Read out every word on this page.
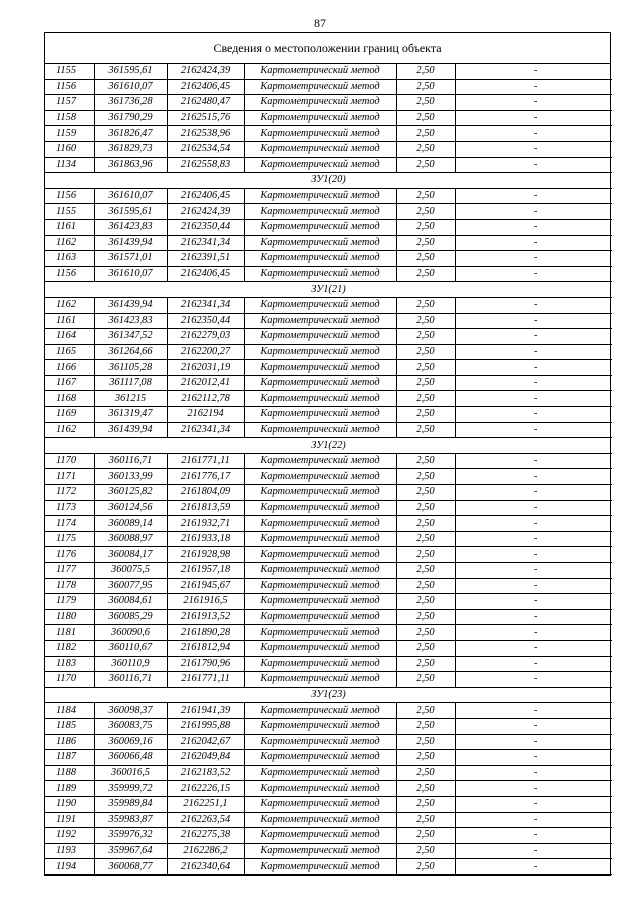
87
Сведения о местоположении границ объекта
1155	361595,61	2162424,39	Картометрический метод	2,50	-
1156	361610,07	2162406,45	Картометрический метод	2,50	-
1157	361736,28	2162480,47	Картометрический метод	2,50	-
1158	361790,29	2162515,76	Картометрический метод	2,50	-
1159	361826,47	2162538,96	Картометрический метод	2,50	-
1160	361829,73	2162534,54	Картометрический метод	2,50	-
1134	361863,96	2162558,83	Картометрический метод	2,50	-
ЗУ1(20)					
1156	361610,07	2162406,45	Картометрический метод	2,50	-
1155	361595,61	2162424,39	Картометрический метод	2,50	-
1161	361423,83	2162350,44	Картометрический метод	2,50	-
1162	361439,94	2162341,34	Картометрический метод	2,50	-
1163	361571,01	2162391,51	Картометрический метод	2,50	-
1156	361610,07	2162406,45	Картометрический метод	2,50	-
ЗУ1(21)					
1162	361439,94	2162341,34	Картометрический метод	2,50	-
1161	361423,83	2162350,44	Картометрический метод	2,50	-
1164	361347,52	2162279,03	Картометрический метод	2,50	-
1165	361264,66	2162200,27	Картометрический метод	2,50	-
1166	361105,28	2162031,19	Картометрический метод	2,50	-
1167	361117,08	2162012,41	Картометрический метод	2,50	-
1168	361215	2162112,78	Картометрический метод	2,50	-
1169	361319,47	2162194	Картометрический метод	2,50	-
1162	361439,94	2162341,34	Картометрический метод	2,50	-
ЗУ1(22)					
1170	360116,71	2161771,11	Картометрический метод	2,50	-
1171	360133,99	2161776,17	Картометрический метод	2,50	-
1172	360125,82	2161804,09	Картометрический метод	2,50	-
1173	360124,56	2161813,59	Картометрический метод	2,50	-
1174	360089,14	2161932,71	Картометрический метод	2,50	-
1175	360088,97	2161933,18	Картометрический метод	2,50	-
1176	360084,17	2161928,98	Картометрический метод	2,50	-
1177	360075,5	2161957,18	Картометрический метод	2,50	-
1178	360077,95	2161945,67	Картометрический метод	2,50	-
1179	360084,61	2161916,5	Картометрический метод	2,50	-
1180	360085,29	2161913,52	Картометрический метод	2,50	-
1181	360090,6	2161890,28	Картометрический метод	2,50	-
1182	360110,67	2161812,94	Картометрический метод	2,50	-
1183	360110,9	2161790,96	Картометрический метод	2,50	-
1170	360116,71	2161771,11	Картометрический метод	2,50	-
ЗУ1(23)					
1184	360098,37	2161941,39	Картометрический метод	2,50	-
1185	360083,75	2161995,88	Картометрический метод	2,50	-
1186	360069,16	2162042,67	Картометрический метод	2,50	-
1187	360066,48	2162049,84	Картометрический метод	2,50	-
1188	360016,5	2162183,52	Картометрический метод	2,50	-
1189	359999,72	2162226,15	Картометрический метод	2,50	-
1190	359989,84	2162251,1	Картометрический метод	2,50	-
1191	359983,87	2162263,54	Картометрический метод	2,50	-
1192	359976,32	2162275,38	Картометрический метод	2,50	-
1193	359967,64	2162286,2	Картометрический метод	2,50	-
1194	360068,77	2162340,64	Картометрический метод	2,50	-
